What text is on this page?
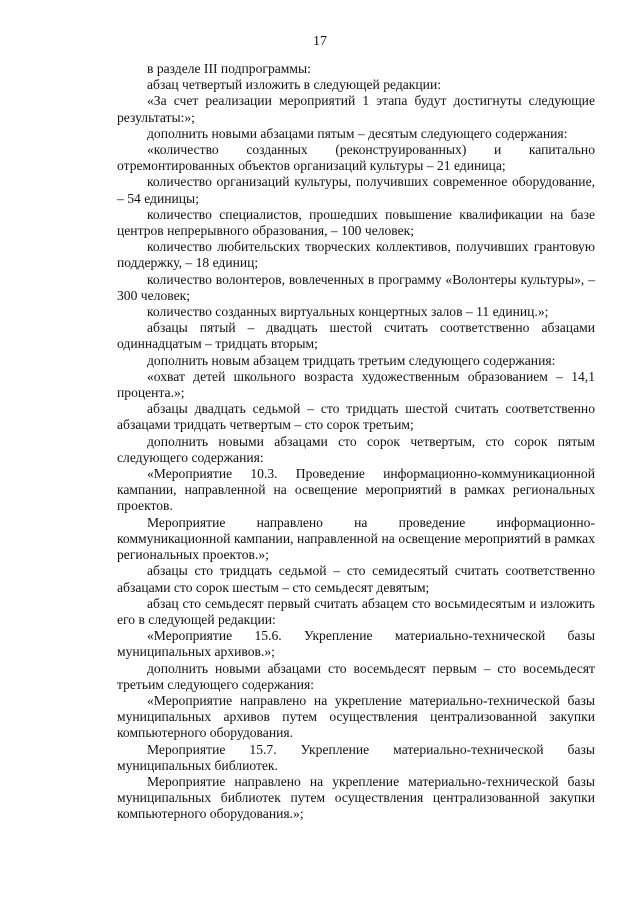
17

в разделе III подпрограммы:

абзац четвертый изложить в следующей редакции:

«За счет реализации мероприятий 1 этапа будут достигнуты следующие результаты:»;

дополнить новыми абзацами пятым – десятым следующего содержания:

«количество созданных (реконструированных) и капитально отремонтированных объектов организаций культуры – 21 единица;

количество организаций культуры, получивших современное оборудование, – 54 единицы;

количество специалистов, прошедших повышение квалификации на базе центров непрерывного образования, – 100 человек;

количество любительских творческих коллективов, получивших грантовую поддержку, – 18 единиц;

количество волонтеров, вовлеченных в программу «Волонтеры культуры», – 300 человек;

количество созданных виртуальных концертных залов – 11 единиц.»;

абзацы пятый – двадцать шестой считать соответственно абзацами одиннадцатым – тридцать вторым;

дополнить новым абзацем тридцать третьим следующего содержания:

«охват детей школьного возраста художественным образованием – 14,1 процента.»;

абзацы двадцать седьмой – сто тридцать шестой считать соответственно абзацами тридцать четвертым – сто сорок третьим;

дополнить новыми абзацами сто сорок четвертым, сто сорок пятым следующего содержания:

«Мероприятие 10.3. Проведение информационно-коммуникационной кампании, направленной на освещение мероприятий в рамках региональных проектов.

Мероприятие направлено на проведение информационно-коммуникационной кампании, направленной на освещение мероприятий в рамках региональных проектов.»;

абзацы сто тридцать седьмой – сто семидесятый считать соответственно абзацами сто сорок шестым – сто семьдесят девятым;

абзац сто семьдесят первый считать абзацем сто восьмидесятым и изложить его в следующей редакции:

«Мероприятие 15.6. Укрепление материально-технической базы муниципальных архивов.»;

дополнить новыми абзацами сто восемьдесят первым – сто восемьдесят третьим следующего содержания:

«Мероприятие направлено на укрепление материально-технической базы муниципальных архивов путем осуществления централизованной закупки компьютерного оборудования.

Мероприятие 15.7. Укрепление материально-технической базы муниципальных библиотек.

Мероприятие направлено на укрепление материально-технической базы муниципальных библиотек путем осуществления централизованной закупки компьютерного оборудования.»;
